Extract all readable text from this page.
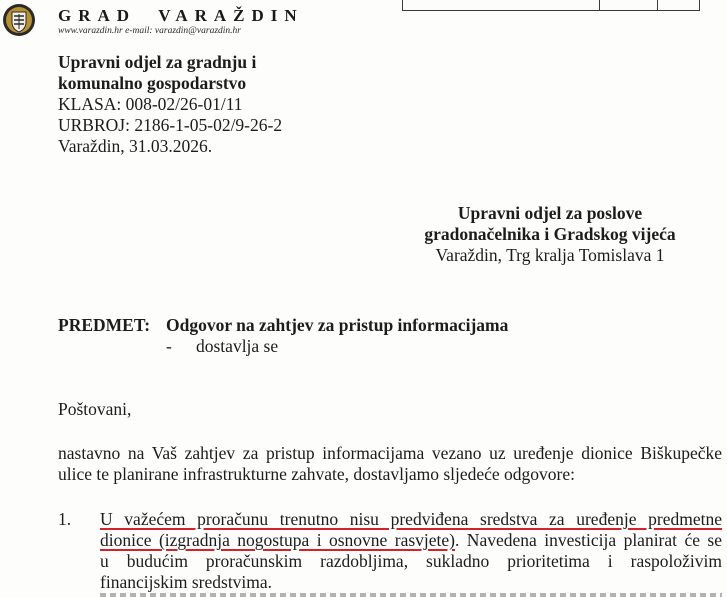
GRAD  VARAŽDIN
www.varazdin.hr e-mail: varazdin@varazdin.hr
Upravni odjel za gradnju i
komunalno gospodarstvo
KLASA: 008-02/26-01/11
URBROJ: 2186-1-05-02/9-26-2
Varaždin, 31.03.2026.
Upravni odjel za poslove
gradonačelnika i Gradskog vijeća
Varaždin, Trg kralja Tomislava 1
PREDMET: Odgovor na zahtjev za pristup informacijama
- dostavlja se
Poštovani,
nastavno na Vaš zahtjev za pristup informacijama vezano uz uređenje dionice Biškupečke ulice te planirane infrastrukturne zahvate, dostavljamo sljedeće odgovore:
1. U važećem proračunu trenutno nisu predviđena sredstva za uređenje predmetne
dionice (izgradnja nogostupa i osnovne rasvjete). Navedena investicija planirat će se
u budućim proračunskim razdobljima, sukladno prioritetima i raspoloživim
financijskim sredstvima.
